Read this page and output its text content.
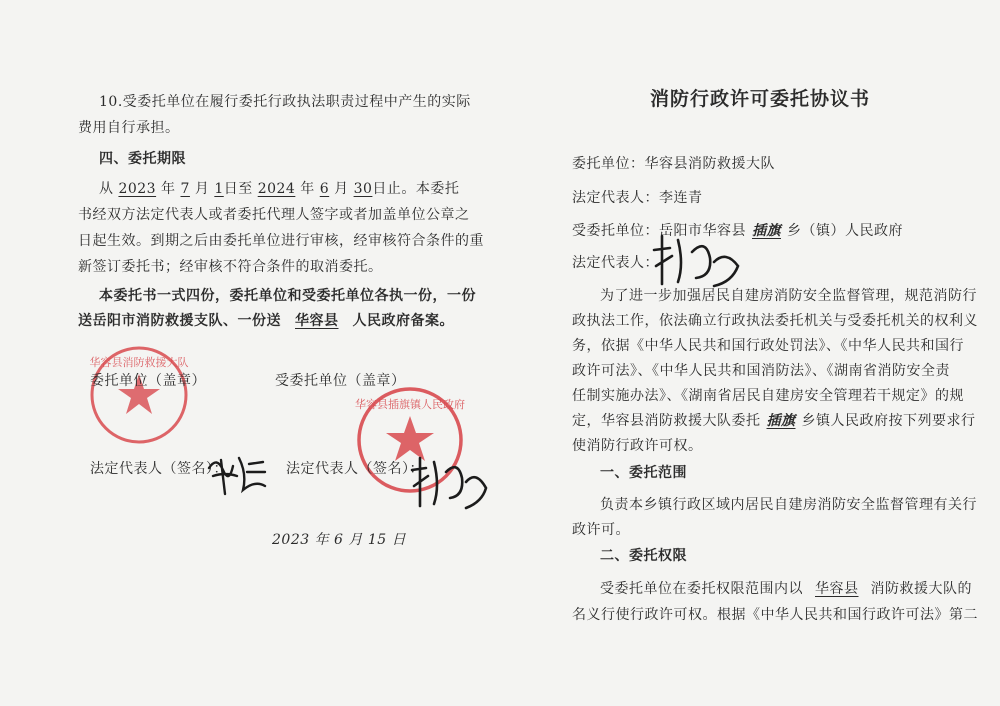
10.受委托单位在履行委托行政执法职责过程中产生的实际
费用自行承担。
四、委托期限
从 2023 年 7 月 1日至 2024 年 6 月 30日止。本委托
书经双方法定代表人或者委托代理人签字或者加盖单位公章之
日起生效。到期之后由委托单位进行审核，经审核符合条件的重
新签订委托书；经审核不符合条件的取消委托。
本委托书一式四份，委托单位和受委托单位各执一份，一份
送岳阳市消防救援支队、一份送 华容县 人民政府备案。
华容县消防救援大队
委托单位（盖章）	受委托单位（盖章）
华容县插旗镇人民政府
法定代表人（签名）：	法定代表人（签名）：
2023 年 6 月 15 日
消防行政许可委托协议书
委托单位：华容县消防救援大队
法定代表人：李连青
受委托单位：岳阳市华容县 插旗 乡（镇）人民政府
法定代表人：
为了进一步加强居民自建房消防安全监督管理，规范消防行
政执法工作，依法确立行政执法委托机关与受委托机关的权利义
务，依据《中华人民共和国行政处罚法》、《中华人民共和国行
政许可法》、《中华人民共和国消防法》、《湖南省消防安全责
任制实施办法》、《湖南省居民自建房安全管理若干规定》的规
定，华容县消防救援大队委托 插旗 乡镇人民政府按下列要求行
使消防行政许可权。
一、委托范围
负责本乡镇行政区域内居民自建房消防安全监督管理有关行
政许可。
二、委托权限
受委托单位在委托权限范围内以 华容县 消防救援大队的
名义行使行政许可权。根据《中华人民共和国行政许可法》第二
